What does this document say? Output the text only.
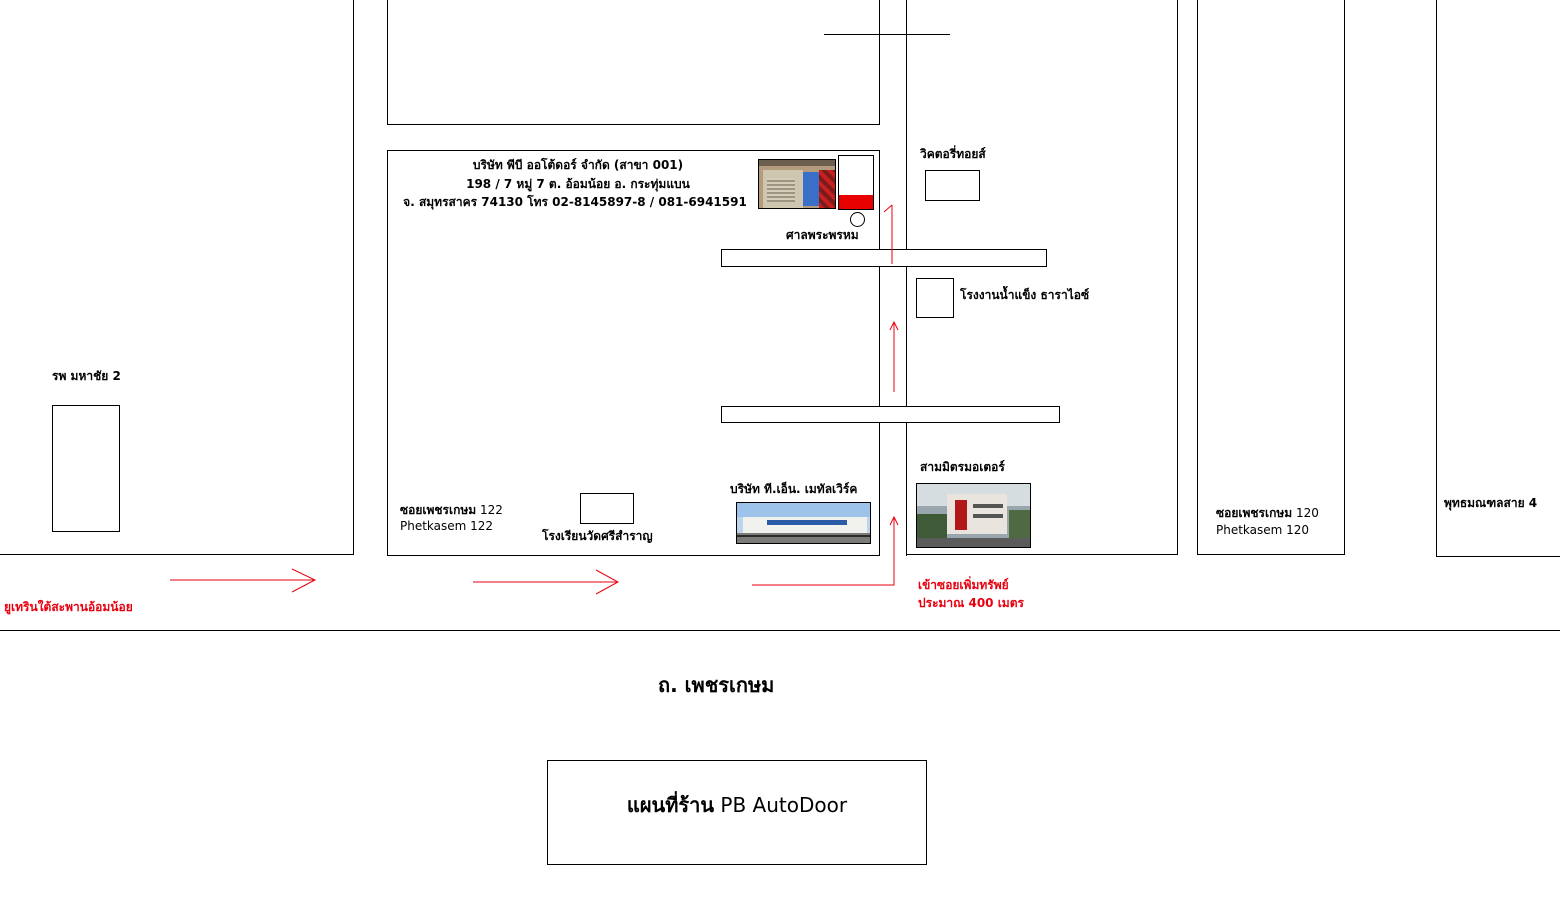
บริษัท พีบี ออโต้ดอร์ จำกัด (สาขา 001)
198 / 7 หมู่ 7 ต. อ้อมน้อย อ. กระทุ่มแบน
จ. สมุทรสาคร 74130 โทร 02-8145897-8 / 081-6941591
ศาลพระพรหม
วิคตอรี่ทอยส์
โรงงานน้ำแข็ง ธาราไอซ์
รพ มหาชัย 2
ซอยเพชรเกษม 122
Phetkasem 122
โรงเรียนวัดศรีสำราญ
บริษัท ที.เอ็น. เมทัลเวิร์ค
สามมิตรมอเตอร์
ซอยเพชรเกษม 120
Phetkasem 120
พุทธมณฑลสาย 4
ยูเทรินใต้สะพานอ้อมน้อย
เข้าซอยเพิ่มทรัพย์
ประมาณ 400 เมตร
ถ. เพชรเกษม
แผนที่ร้าน PB AutoDoor
